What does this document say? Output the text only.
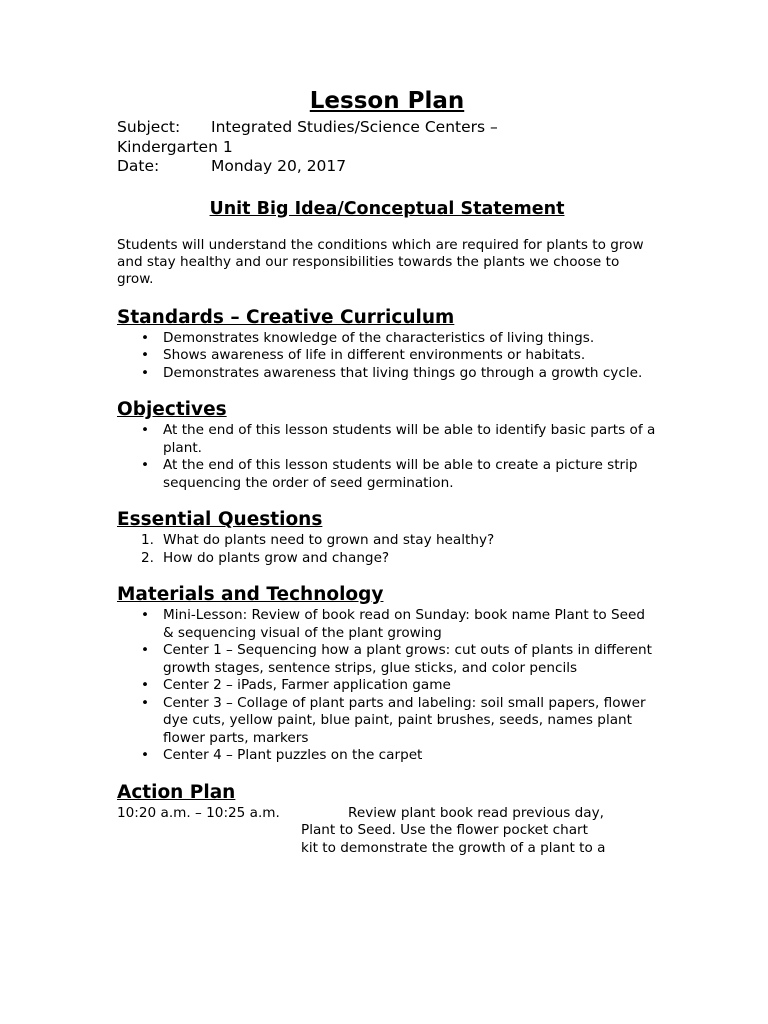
Lesson Plan
Subject: Integrated Studies/Science Centers –
Kindergarten 1
Date:	Monday 20, 2017
Unit Big Idea/Conceptual Statement

Students will understand the conditions which are required for plants to grow and stay healthy and our responsibilities towards the plants we choose to grow.

Standards – Creative Curriculum
• Demonstrates knowledge of the characteristics of living things.
• Shows awareness of life in different environments or habitats.
• Demonstrates awareness that living things go through a growth cycle.
Objectives
• At the end of this lesson students will be able to identify basic parts of a plant.
• At the end of this lesson students will be able to create a picture strip sequencing the order of seed germination.
Essential Questions
1. What do plants need to grown and stay healthy?
2. How do plants grow and change?
Materials and Technology
• Mini-Lesson: Review of book read on Sunday: book name Plant to Seed & sequencing visual of the plant growing
• Center 1 – Sequencing how a plant grows: cut outs of plants in different growth stages, sentence strips, glue sticks, and color pencils
• Center 2 – iPads, Farmer application game
• Center 3 – Collage of plant parts and labeling: soil small papers, flower dye cuts, yellow paint, blue paint, paint brushes, seeds, names plant flower parts, markers
• Center 4 – Plant puzzles on the carpet
Action Plan
10:20 a.m. – 10:25 a.m.	Review plant book read previous day,
Plant to Seed. Use the flower pocket chart
kit to demonstrate the growth of a plant to a
